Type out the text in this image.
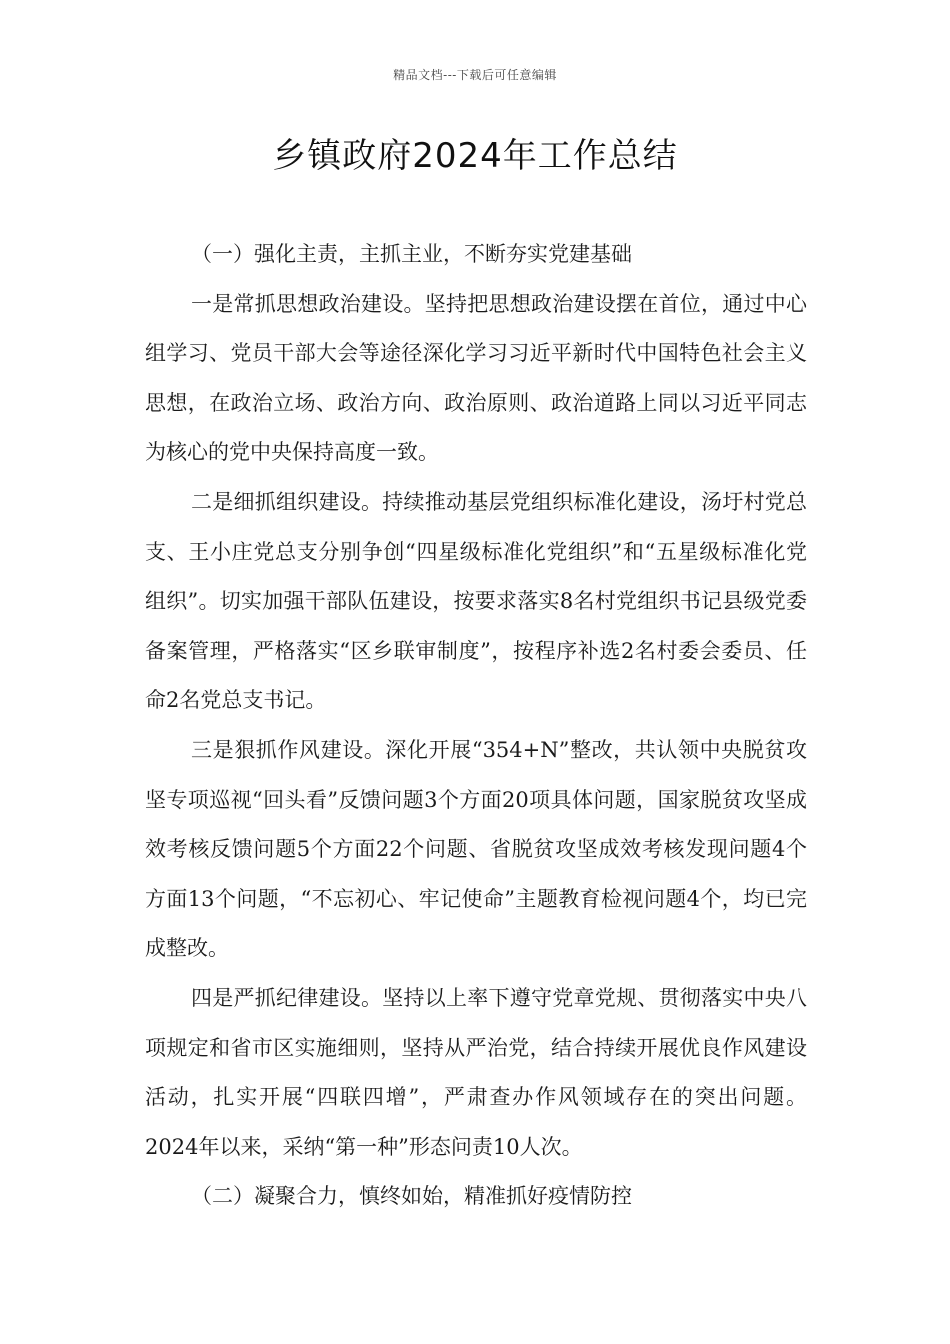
精品文档---下载后可任意编辑
乡镇政府2024年工作总结

（一）强化主责，主抓主业，不断夯实党建基础

一是常抓思想政治建设。坚持把思想政治建设摆在首位，通过中心组学习、党员干部大会等途径深化学习习近平新时代中国特色社会主义思想，在政治立场、政治方向、政治原则、政治道路上同以习近平同志为核心的党中央保持高度一致。

二是细抓组织建设。持续推动基层党组织标准化建设，汤圩村党总支、王小庄党总支分别争创“四星级标准化党组织”和“五星级标准化党组织”。切实加强干部队伍建设，按要求落实8名村党组织书记县级党委备案管理，严格落实“区乡联审制度”，按程序补选2名村委会委员、任命2名党总支书记。

三是狠抓作风建设。深化开展“354+N”整改，共认领中央脱贫攻坚专项巡视“回头看”反馈问题3个方面20项具体问题，国家脱贫攻坚成效考核反馈问题5个方面22个问题、省脱贫攻坚成效考核发现问题4个方面13个问题，“不忘初心、牢记使命”主题教育检视问题4个，均已完成整改。

四是严抓纪律建设。坚持以上率下遵守党章党规、贯彻落实中央八项规定和省市区实施细则，坚持从严治党，结合持续开展优良作风建设活动，扎实开展“四联四增”，严肃查办作风领域存在的突出问题。2024年以来，采纳“第一种”形态问责10人次。

（二）凝聚合力，慎终如始，精准抓好疫情防控
